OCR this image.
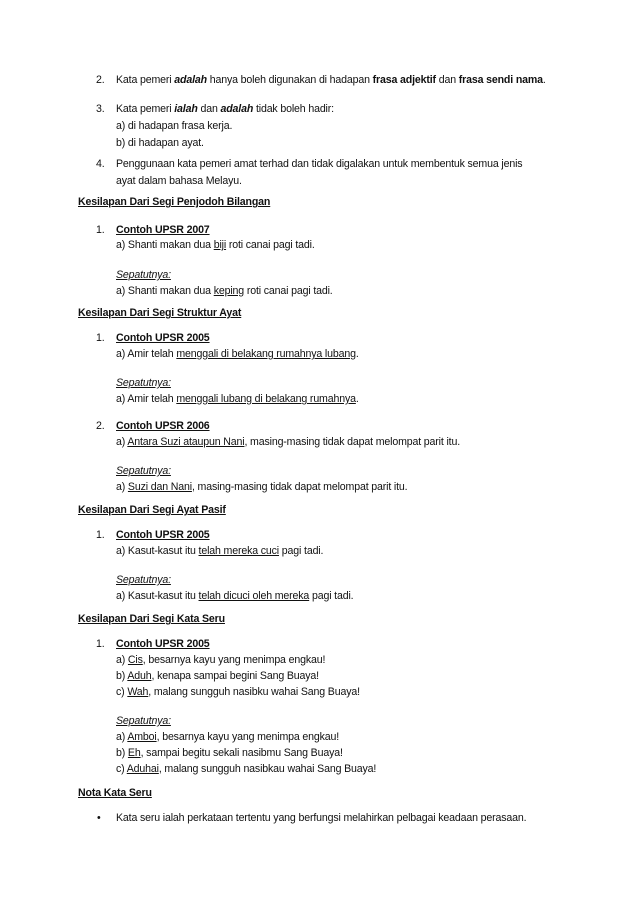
2.	Kata pemeri adalah hanya boleh digunakan di hadapan frasa adjektif dan frasa sendi nama.
3.	Kata pemeri ialah dan adalah tidak boleh hadir:
a) di hadapan frasa kerja.
b) di hadapan ayat.
4.	Penggunaan kata pemeri amat terhad dan tidak digalakan untuk membentuk semua jenis
ayat dalam bahasa Melayu.
Kesilapan Dari Segi Penjodoh Bilangan
1.	Contoh UPSR 2007
a) Shanti makan dua biji roti canai pagi tadi.
Sepatutnya:
a) Shanti makan dua keping roti canai pagi tadi.
Kesilapan Dari Segi Struktur Ayat
1.	Contoh UPSR 2005
a) Amir telah menggali di belakang rumahnya lubang.
Sepatutnya:
a) Amir telah menggali lubang di belakang rumahnya.
2.	Contoh UPSR 2006
a) Antara Suzi ataupun Nani, masing-masing tidak dapat melompat parit itu.
Sepatutnya:
a) Suzi dan Nani, masing-masing tidak dapat melompat parit itu.
Kesilapan Dari Segi Ayat Pasif
1.	Contoh UPSR 2005
a) Kasut-kasut itu telah mereka cuci pagi tadi.
Sepatutnya:
a) Kasut-kasut itu telah dicuci oleh mereka pagi tadi.
Kesilapan Dari Segi Kata Seru
1.	Contoh UPSR 2005
a) Cis, besarnya kayu yang menimpa engkau!
b) Aduh, kenapa sampai begini Sang Buaya!
c) Wah, malang sungguh nasibku wahai Sang Buaya!
Sepatutnya:
a) Amboi, besarnya kayu yang menimpa engkau!
b) Eh, sampai begitu sekali nasibmu Sang Buaya!
c) Aduhai, malang sungguh nasibkau wahai Sang Buaya!
Nota Kata Seru
• Kata seru ialah perkataan tertentu yang berfungsi melahirkan pelbagai keadaan perasaan.
